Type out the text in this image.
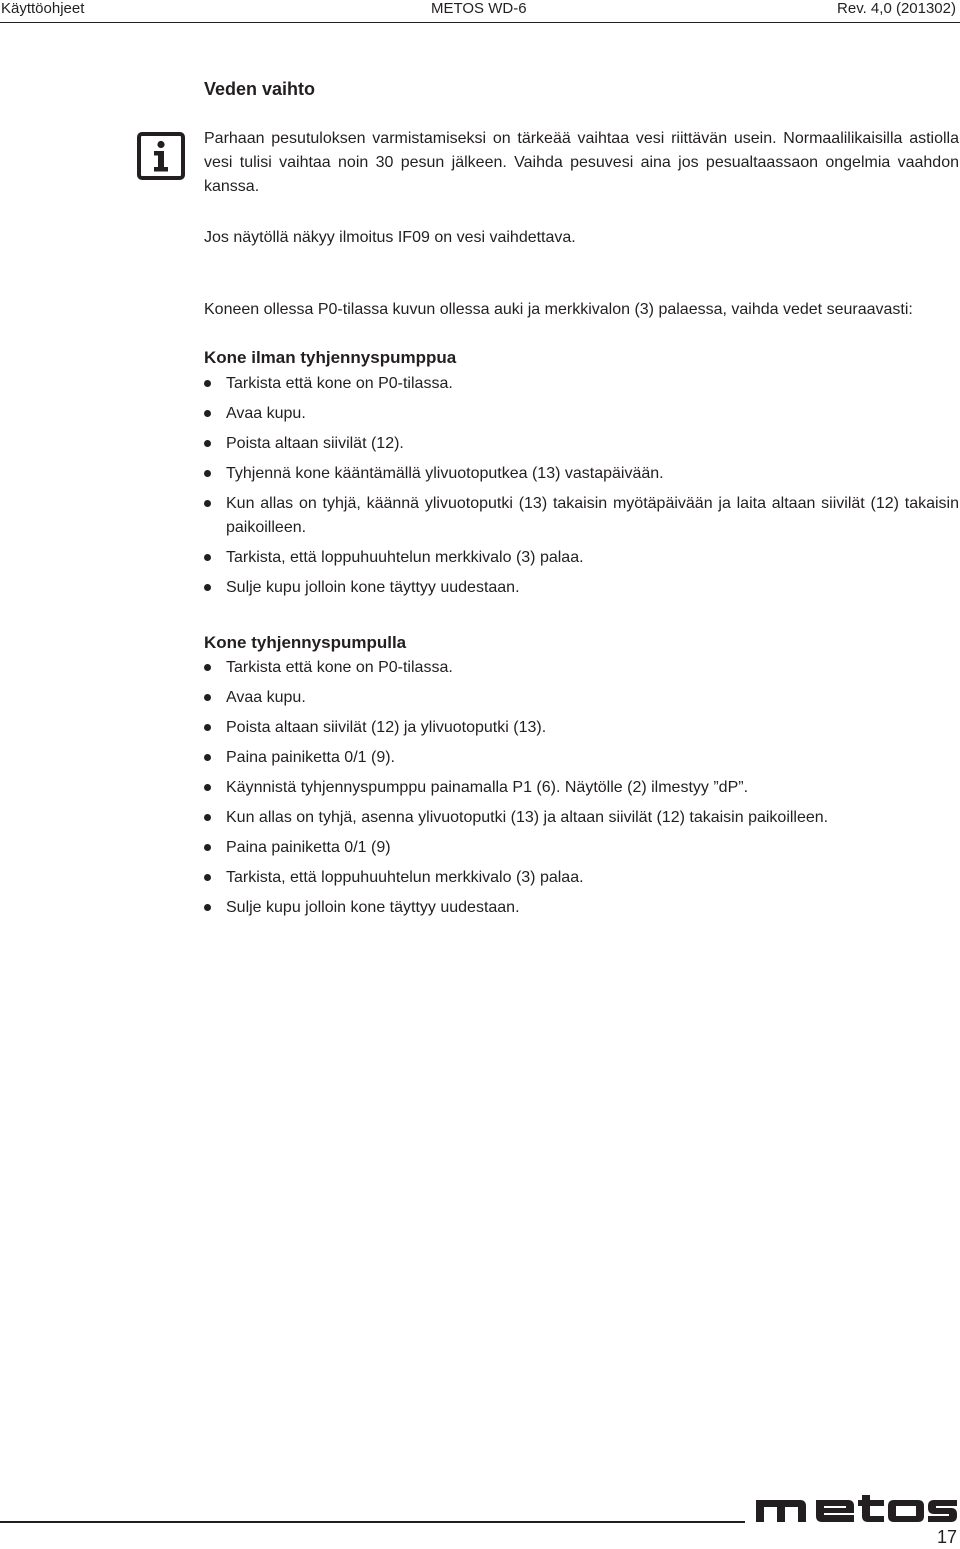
Käyttöohjeet	METOS WD-6	Rev. 4,0 (201302)
Veden vaihto

Parhaan pesutuloksen varmistamiseksi on tärkeää vaihtaa vesi riittävän usein. Normaalilikaisilla astiolla vesi tulisi vaihtaa noin 30 pesun jälkeen. Vaihda pesuvesi aina jos pesualtaassaon ongelmia vaahdon kanssa.

Jos näytöllä näkyy ilmoitus IF09 on vesi vaihdettava.

Koneen ollessa P0-tilassa kuvun ollessa auki ja merkkivalon (3) palaessa, vaihda vedet seuraavasti:

Kone ilman tyhjennyspumppua
Tarkista että kone on P0-tilassa.
Avaa kupu.
Poista altaan siivilät (12).
Tyhjennä kone kääntämällä ylivuotoputkea (13) vastapäivään.
Kun allas on tyhjä, käännä ylivuotoputki (13) takaisin myötäpäivään ja laita altaan siivilät (12) takaisin paikoilleen.
Tarkista, että loppuhuuhtelun merkkivalo (3) palaa.
Sulje kupu jolloin kone täyttyy uudestaan.
Kone tyhjennyspumpulla
Tarkista että kone on P0-tilassa.
Avaa kupu.
Poista altaan siivilät (12) ja ylivuotoputki (13).
Paina painiketta 0/1 (9).
Käynnistä tyhjennyspumppu painamalla P1 (6). Näytölle (2) ilmestyy ”dP”.
Kun allas on tyhjä, asenna ylivuotoputki (13) ja altaan siivilät (12) takaisin paikoilleen.
Paina painiketta 0/1 (9)
Tarkista, että loppuhuuhtelun merkkivalo (3) palaa.
Sulje kupu jolloin kone täyttyy uudestaan.
17
